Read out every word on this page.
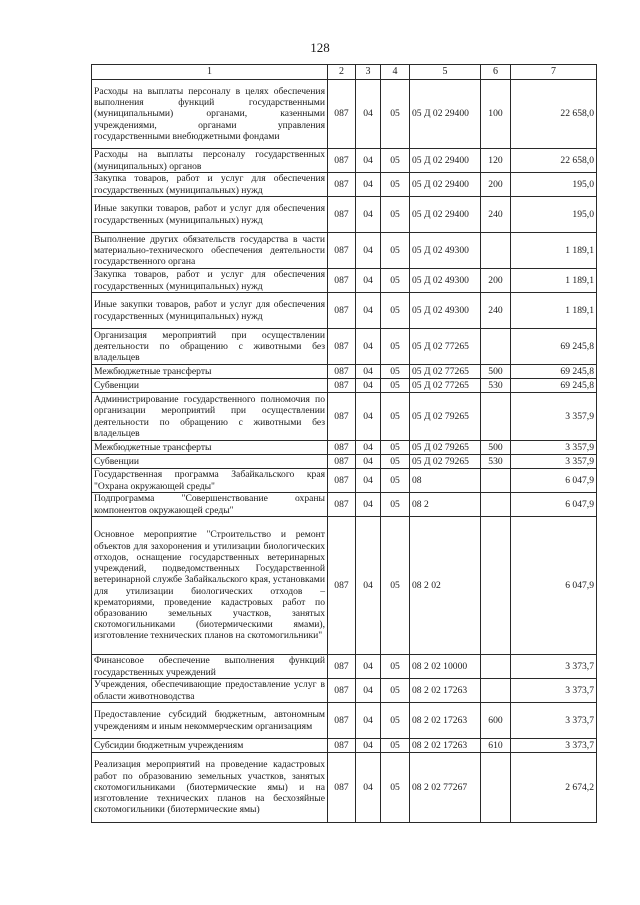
128
1	2	3	4	5	6	7
Расходы на выплаты персоналу в целях обеспечения выполнения функций государственными (муниципальными) органами, казенными учреждениями, органами управления государственными внебюджетными фондами	087	04	05	05 Д 02 29400	100	22 658,0
Расходы на выплаты персоналу государственных (муниципальных) органов	087	04	05	05 Д 02 29400	120	22 658,0
Закупка товаров, работ и услуг для обеспечения государственных (муниципальных) нужд	087	04	05	05 Д 02 29400	200	195,0
Иные закупки товаров, работ и услуг для обеспечения государственных (муниципальных) нужд	087	04	05	05 Д 02 29400	240	195,0
Выполнение других обязательств государства в части материально-технического обеспечения деятельности государственного органа	087	04	05	05 Д 02 49300		1 189,1
Закупка товаров, работ и услуг для обеспечения государственных (муниципальных) нужд	087	04	05	05 Д 02 49300	200	1 189,1
Иные закупки товаров, работ и услуг для обеспечения государственных (муниципальных) нужд	087	04	05	05 Д 02 49300	240	1 189,1
Организация мероприятий при осуществлении деятельности по обращению с животными без владельцев	087	04	05	05 Д 02 77265		69 245,8
Межбюджетные трансферты	087	04	05	05 Д 02 77265	500	69 245,8
Субвенции	087	04	05	05 Д 02 77265	530	69 245,8
Администрирование государственного полномочия по организации мероприятий при осуществлении деятельности по обращению с животными без владельцев	087	04	05	05 Д 02 79265		3 357,9
Межбюджетные трансферты	087	04	05	05 Д 02 79265	500	3 357,9
Субвенции	087	04	05	05 Д 02 79265	530	3 357,9
Государственная программа Забайкальского края "Охрана окружающей среды"	087	04	05	08		6 047,9
Подпрограмма "Совершенствование охраны компонентов окружающей среды"	087	04	05	08 2		6 047,9
Основное мероприятие "Строительство и ремонт объектов для захоронения и утилизации биологических отходов, оснащение государственных ветеринарных учреждений, подведомственных Государственной ветеринарной службе Забайкальского края, установками для утилизации биологических отходов – крематориями, проведение кадастровых работ по образованию земельных участков, занятых скотомогильниками (биотермическими ямами), изготовление технических планов на скотомогильники"	087	04	05	08 2 02		6 047,9
Финансовое обеспечение выполнения функций государственных учреждений	087	04	05	08 2 02 10000		3 373,7
Учреждения, обеспечивающие предоставление услуг в области животноводства	087	04	05	08 2 02 17263		3 373,7
Предоставление субсидий бюджетным, автономным учреждениям и иным некоммерческим организациям	087	04	05	08 2 02 17263	600	3 373,7
Субсидии бюджетным учреждениям	087	04	05	08 2 02 17263	610	3 373,7
Реализация мероприятий на проведение кадастровых работ по образованию земельных участков, занятых скотомогильниками (биотермические ямы) и на изготовление технических планов на бесхозяйные скотомогильники (биотермические ямы)	087	04	05	08 2 02 77267		2 674,2
